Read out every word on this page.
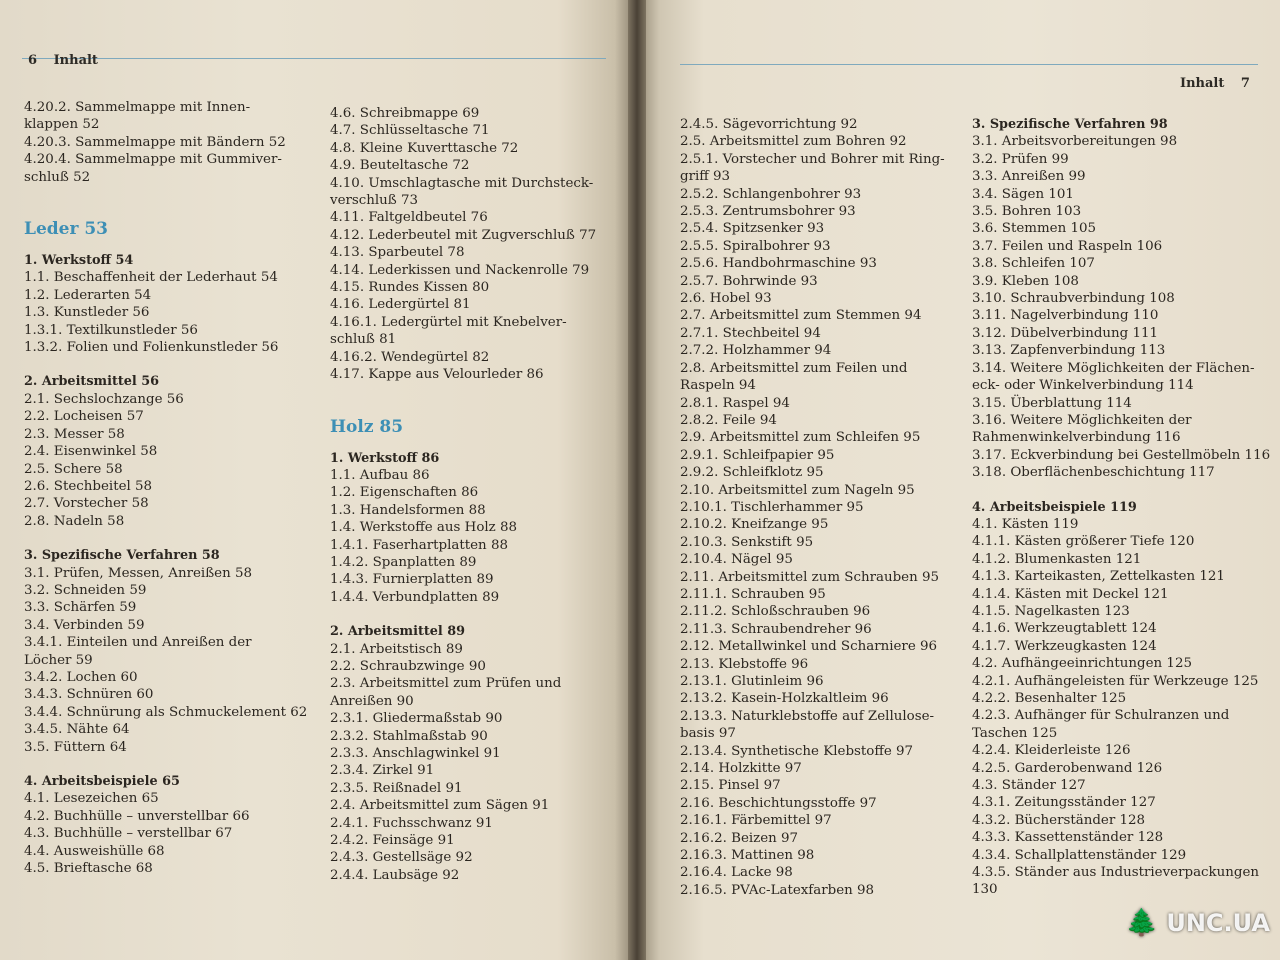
6 Inhalt
4.20.2. Sammelmappe mit Innen-
klappen 52
4.20.3. Sammelmappe mit Bändern 52
4.20.4. Sammelmappe mit Gummiver-
schluß 52
Leder 53
1. Werkstoff 54
1.1. Beschaffenheit der Lederhaut 54
1.2. Lederarten 54
1.3. Kunstleder 56
1.3.1. Textilkunstleder 56
1.3.2. Folien und Folienkunstleder 56
2. Arbeitsmittel 56
2.1. Sechslochzange 56
2.2. Locheisen 57
2.3. Messer 58
2.4. Eisenwinkel 58
2.5. Schere 58
2.6. Stechbeitel 58
2.7. Vorstecher 58
2.8. Nadeln 58
3. Spezifische Verfahren 58
3.1. Prüfen, Messen, Anreißen 58
3.2. Schneiden 59
3.3. Schärfen 59
3.4. Verbinden 59
3.4.1. Einteilen und Anreißen der
Löcher 59
3.4.2. Lochen 60
3.4.3. Schnüren 60
3.4.4. Schnürung als Schmuckelement 62
3.4.5. Nähte 64
3.5. Füttern 64
4. Arbeitsbeispiele 65
4.1. Lesezeichen 65
4.2. Buchhülle – unverstellbar 66
4.3. Buchhülle – verstellbar 67
4.4. Ausweishülle 68
4.5. Brieftasche 68
4.6. Schreibmappe 69
4.7. Schlüsseltasche 71
4.8. Kleine Kuverttasche 72
4.9. Beuteltasche 72
4.10. Umschlagtasche mit Durchsteck-
verschluß 73
4.11. Faltgeldbeutel 76
4.12. Lederbeutel mit Zugverschluß 77
4.13. Sparbeutel 78
4.14. Lederkissen und Nackenrolle 79
4.15. Rundes Kissen 80
4.16. Ledergürtel 81
4.16.1. Ledergürtel mit Knebelver-
schluß 81
4.16.2. Wendegürtel 82
4.17. Kappe aus Velourleder 86
Holz 85
1. Werkstoff 86
1.1. Aufbau 86
1.2. Eigenschaften 86
1.3. Handelsformen 88
1.4. Werkstoffe aus Holz 88
1.4.1. Faserhartplatten 88
1.4.2. Spanplatten 89
1.4.3. Furnierplatten 89
1.4.4. Verbundplatten 89
2. Arbeitsmittel 89
2.1. Arbeitstisch 89
2.2. Schraubzwinge 90
2.3. Arbeitsmittel zum Prüfen und
Anreißen 90
2.3.1. Gliedermaßstab 90
2.3.2. Stahlmaßstab 90
2.3.3. Anschlagwinkel 91
2.3.4. Zirkel 91
2.3.5. Reißnadel 91
2.4. Arbeitsmittel zum Sägen 91
2.4.1. Fuchsschwanz 91
2.4.2. Feinsäge 91
2.4.3. Gestellsäge 92
2.4.4. Laubsäge 92
Inhalt 7
2.4.5. Sägevorrichtung 92
2.5. Arbeitsmittel zum Bohren 92
2.5.1. Vorstecher und Bohrer mit Ring-
griff 93
2.5.2. Schlangenbohrer 93
2.5.3. Zentrumsbohrer 93
2.5.4. Spitzsenker 93
2.5.5. Spiralbohrer 93
2.5.6. Handbohrmaschine 93
2.5.7. Bohrwinde 93
2.6. Hobel 93
2.7. Arbeitsmittel zum Stemmen 94
2.7.1. Stechbeitel 94
2.7.2. Holzhammer 94
2.8. Arbeitsmittel zum Feilen und
Raspeln 94
2.8.1. Raspel 94
2.8.2. Feile 94
2.9. Arbeitsmittel zum Schleifen 95
2.9.1. Schleifpapier 95
2.9.2. Schleifklotz 95
2.10. Arbeitsmittel zum Nageln 95
2.10.1. Tischlerhammer 95
2.10.2. Kneifzange 95
2.10.3. Senkstift 95
2.10.4. Nägel 95
2.11. Arbeitsmittel zum Schrauben 95
2.11.1. Schrauben 95
2.11.2. Schloßschrauben 96
2.11.3. Schraubendreher 96
2.12. Metallwinkel und Scharniere 96
2.13. Klebstoffe 96
2.13.1. Glutinleim 96
2.13.2. Kasein-Holzkaltleim 96
2.13.3. Naturklebstoffe auf Zellulose-
basis 97
2.13.4. Synthetische Klebstoffe 97
2.14. Holzkitte 97
2.15. Pinsel 97
2.16. Beschichtungsstoffe 97
2.16.1. Färbemittel 97
2.16.2. Beizen 97
2.16.3. Mattinen 98
2.16.4. Lacke 98
2.16.5. PVAc-Latexfarben 98
3. Spezifische Verfahren 98
3.1. Arbeitsvorbereitungen 98
3.2. Prüfen 99
3.3. Anreißen 99
3.4. Sägen 101
3.5. Bohren 103
3.6. Stemmen 105
3.7. Feilen und Raspeln 106
3.8. Schleifen 107
3.9. Kleben 108
3.10. Schraubverbindung 108
3.11. Nagelverbindung 110
3.12. Dübelverbindung 111
3.13. Zapfenverbindung 113
3.14. Weitere Möglichkeiten der Flächen-
eck- oder Winkelverbindung 114
3.15. Überblattung 114
3.16. Weitere Möglichkeiten der
Rahmenwinkelverbindung 116
3.17. Eckverbindung bei Gestellmöbeln 116
3.18. Oberflächenbeschichtung 117
4. Arbeitsbeispiele 119
4.1. Kästen 119
4.1.1. Kästen größerer Tiefe 120
4.1.2. Blumenkasten 121
4.1.3. Karteikasten, Zettelkasten 121
4.1.4. Kästen mit Deckel 121
4.1.5. Nagelkasten 123
4.1.6. Werkzeugtablett 124
4.1.7. Werkzeugkasten 124
4.2. Aufhängeeinrichtungen 125
4.2.1. Aufhängeleisten für Werkzeuge 125
4.2.2. Besenhalter 125
4.2.3. Aufhänger für Schulranzen und
Taschen 125
4.2.4. Kleiderleiste 126
4.2.5. Garderobenwand 126
4.3. Ständer 127
4.3.1. Zeitungsständer 127
4.3.2. Bücherständer 128
4.3.3. Kassettenständer 128
4.3.4. Schallplattenständer 129
4.3.5. Ständer aus Industrieverpackungen
130
🌲 UNC.UA
